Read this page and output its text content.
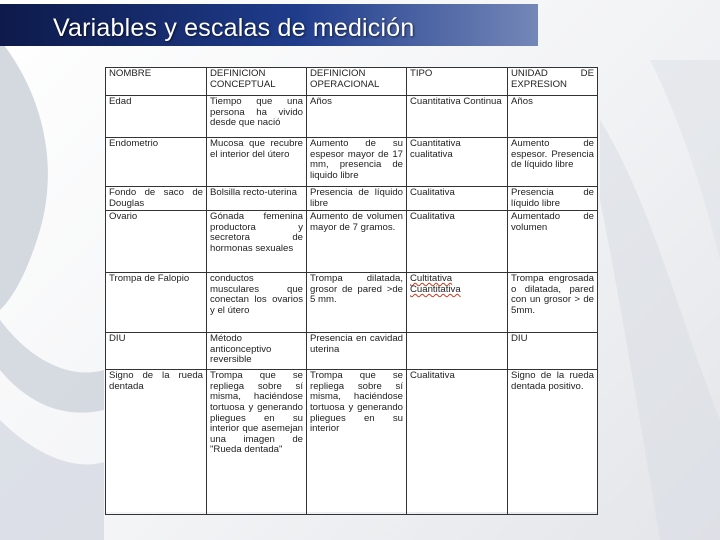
Variables y escalas de medición
NOMBRE	DEFINICION CONCEPTUAL	DEFINICION OPERACIONAL	TIPO	UNIDAD DE EXPRESION
Edad	Tiempo que una persona ha vivido desde que nació	Años	Cuantitativa Continua	Años
Endometrio	Mucosa que recubre el interior del útero	Aumento de su espesor mayor de 17 mm, presencia de liquido libre	Cuantitativa cualitativa	Aumento de espesor. Presencia de líquido libre
Fondo de saco de Douglas	Bolsilla recto-uterina	Presencia de líquido libre	Cualitativa	Presencia de líquido libre
Ovario	Gónada femenina productora y secretora de hormonas sexuales	Aumento de volumen mayor de 7 gramos.	Cualitativa	Aumentado de volumen
Trompa de Falopio	conductos musculares que conectan los ovarios y el útero	Trompa dilatada, grosor de pared >de 5 mm.	Cultitativa Cuantitativa	Trompa engrosada o dilatada, pared con un grosor > de 5mm.
DIU	Método anticonceptivo reversible	Presencia en cavidad uterina		DIU
Signo de la rueda dentada	Trompa que se repliega sobre sí misma, haciéndose tortuosa y generando pliegues en su interior que asemejan una imagen de "Rueda dentada"	Trompa que se repliega sobre sí misma, haciéndose tortuosa y generando pliegues en su interior	Cualitativa	Signo de la rueda dentada positivo.
